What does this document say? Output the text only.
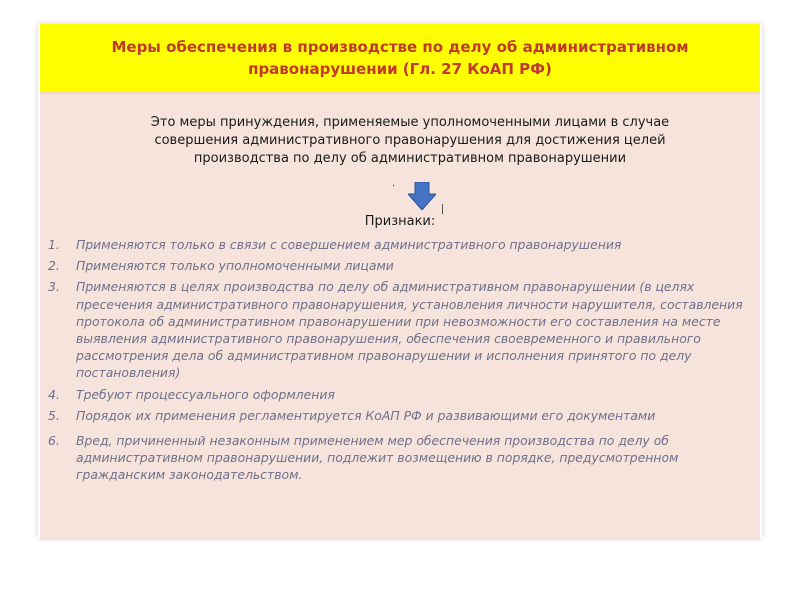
Меры обеспечения в производстве по делу об административном
правонарушении (Гл. 27 КоАП РФ)
Это меры принуждения, применяемые уполномоченными лицами в случае
совершения административного правонарушения для достижения целей
производства по делу об административном правонарушении
.
Признаки:
1. Применяются только в связи с совершением административного правонарушения
2. Применяются только уполномоченными лицами
3. Применяются в целях производства по делу об административном правонарушении (в целях пресечения административного правонарушения, установления личности нарушителя, составления протокола об административном правонарушении при невозможности его составления на месте выявления административного правонарушения, обеспечения своевременного и правильного рассмотрения дела об административном правонарушении и исполнения принятого по делу постановления)
4. Требуют процессуального оформления
5. Порядок их применения регламентируется КоАП РФ и развивающими его документами
6. Вред, причиненный незаконным применением мер обеспечения производства по делу об административном правонарушении, подлежит возмещению в порядке, предусмотренном гражданским законодательством.
